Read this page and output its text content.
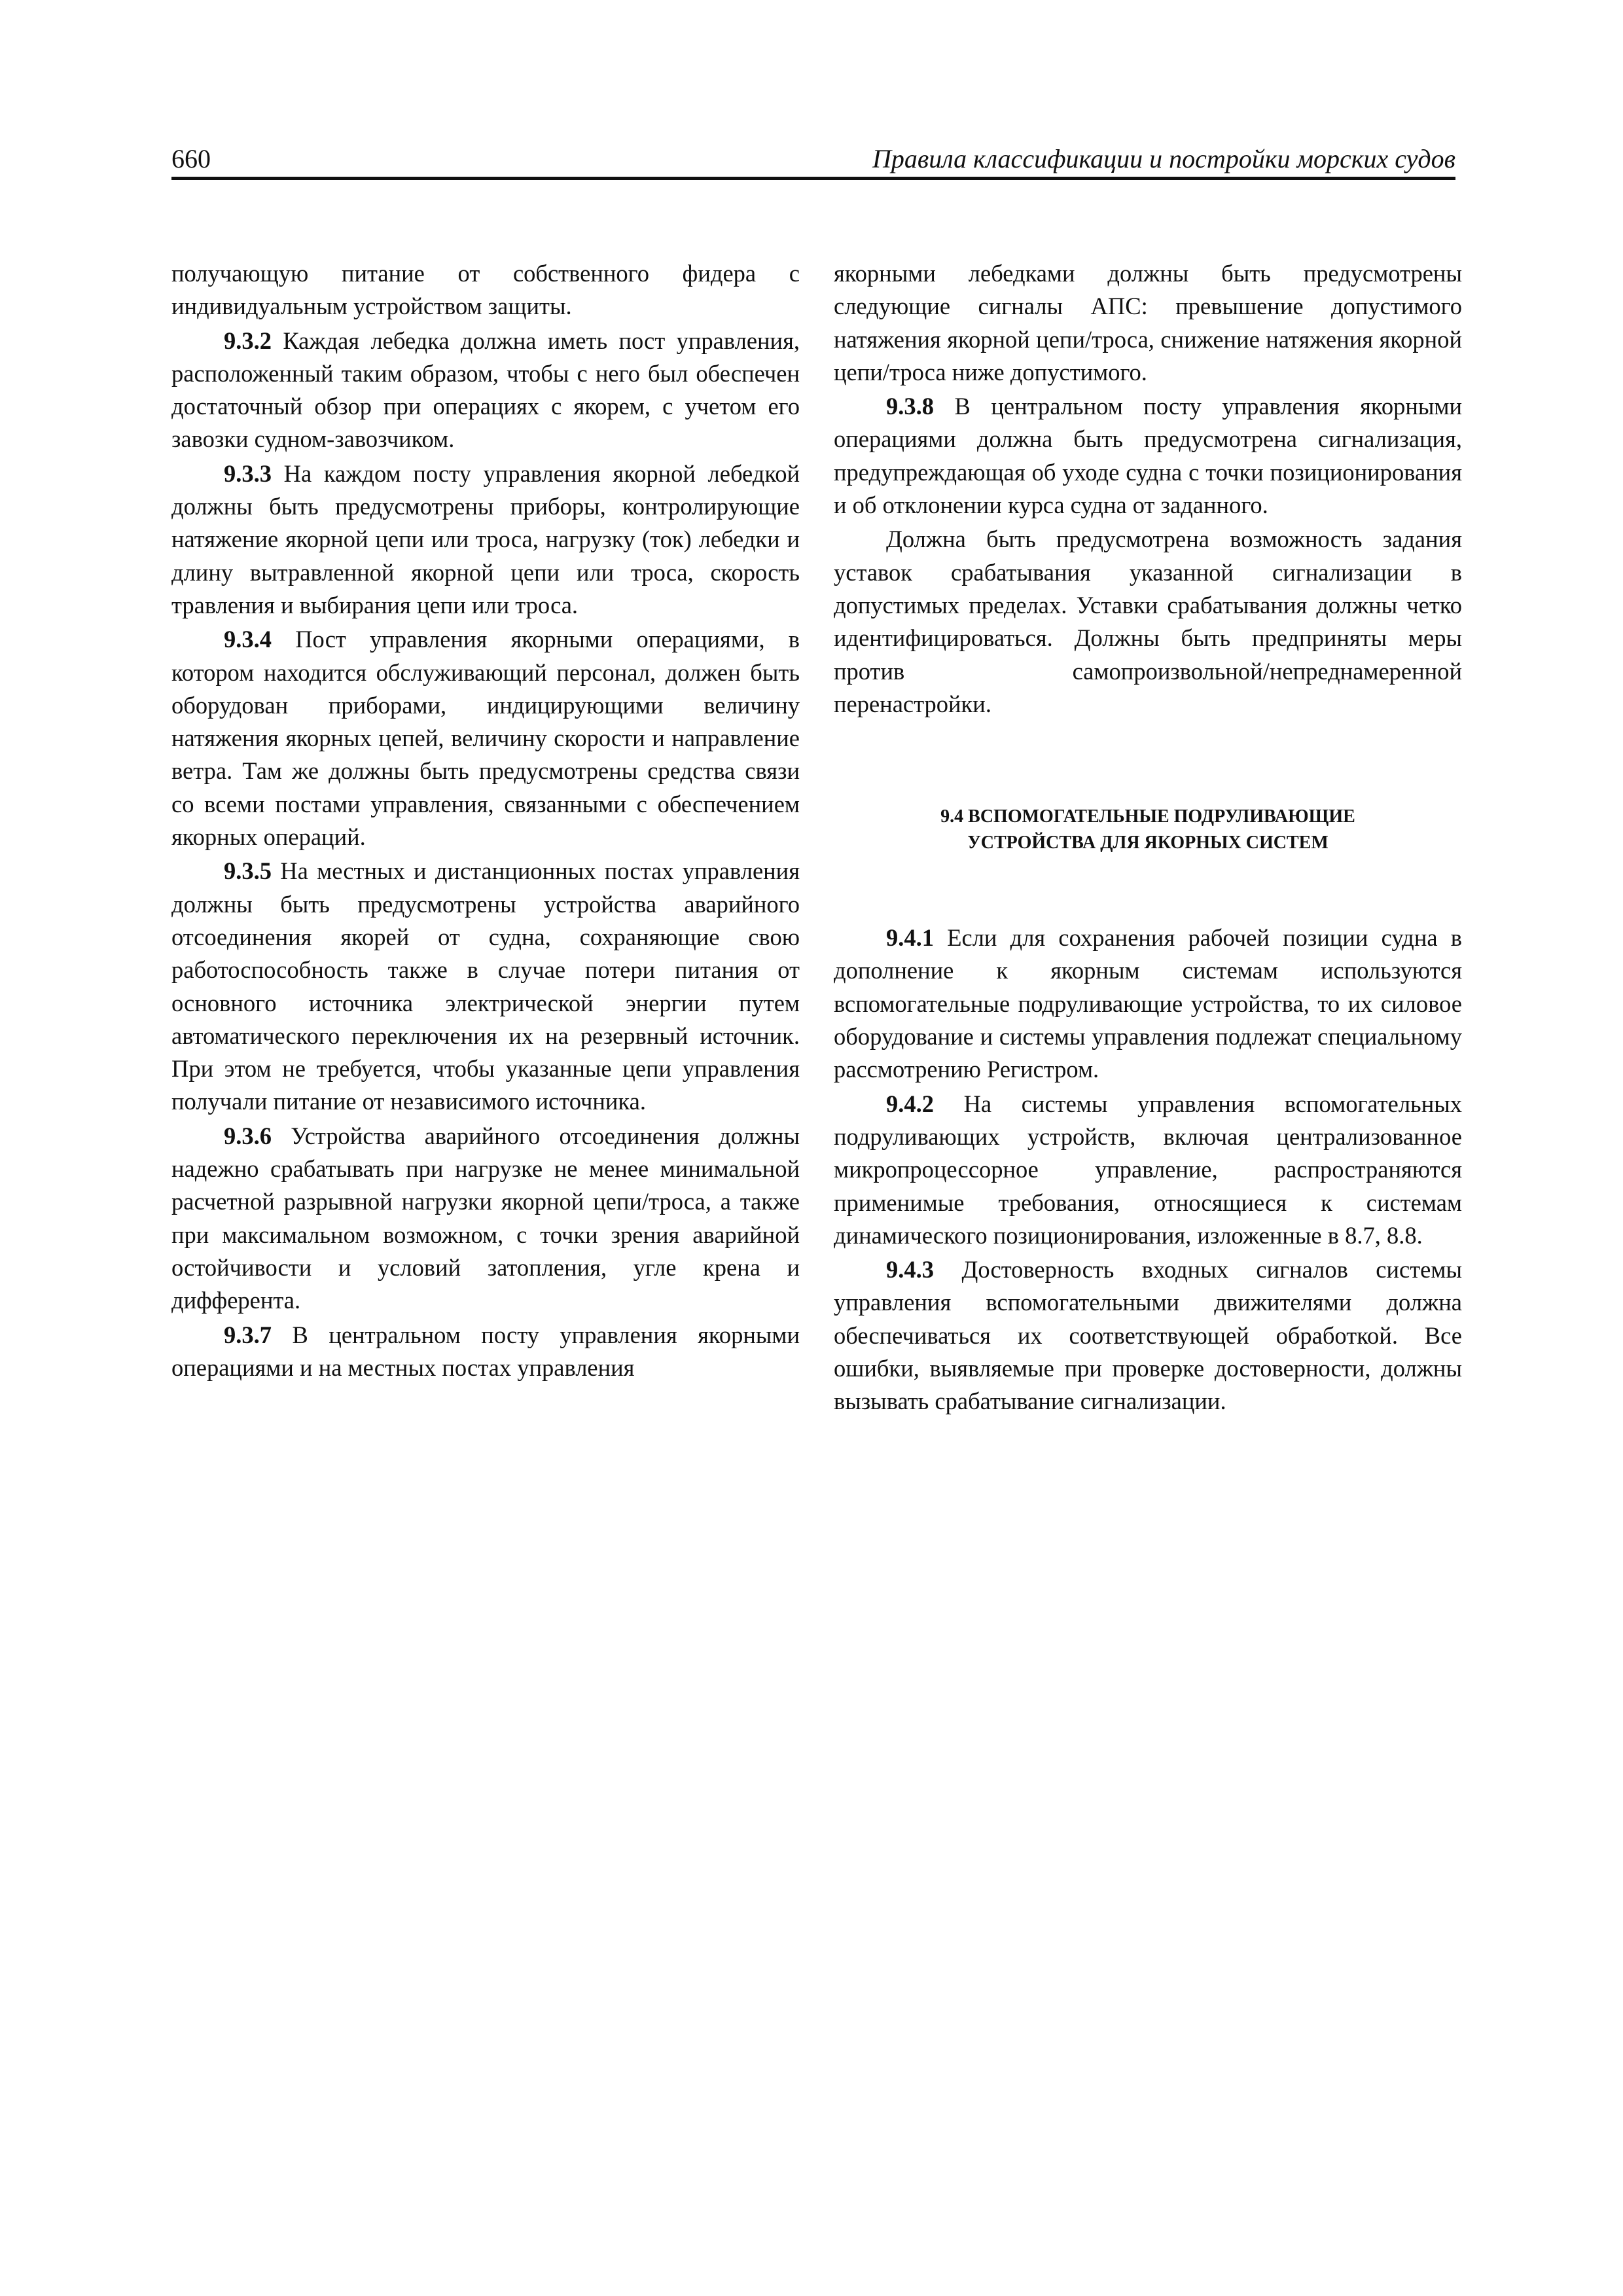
660	Правила классификации и постройки морских судов

получающую питание от собственного фидера с индивидуальным устройством защиты.

9.3.2 Каждая лебедка должна иметь пост управления, расположенный таким образом, чтобы с него был обеспечен достаточный обзор при операциях с якорем, с учетом его завозки судном-завозчиком.

9.3.3 На каждом посту управления якорной лебедкой должны быть предусмотрены приборы, контролирующие натяжение якорной цепи или троса, нагрузку (ток) лебедки и длину вытравленной якорной цепи или троса, скорость травления и выбирания цепи или троса.

9.3.4 Пост управления якорными операциями, в котором находится обслуживающий персонал, должен быть оборудован приборами, индицирующими величину натяжения якорных цепей, величину скорости и направление ветра. Там же должны быть предусмотрены средства связи со всеми постами управления, связанными с обеспечением якорных операций.

9.3.5 На местных и дистанционных постах управления должны быть предусмотрены устройства аварийного отсоединения якорей от судна, сохраняющие свою работоспособность также в случае потери питания от основного источника электрической энергии путем автоматического переключения их на резервный источник. При этом не требуется, чтобы указанные цепи управления получали питание от независимого источника.

9.3.6 Устройства аварийного отсоединения должны надежно срабатывать при нагрузке не менее минимальной расчетной разрывной нагрузки якорной цепи/троса, а также при максимальном возможном, с точки зрения аварийной остойчивости и условий затопления, угле крена и дифферента.

9.3.7 В центральном посту управления якорными операциями и на местных постах управления

якорными лебедками должны быть предусмотрены следующие сигналы АПС: превышение допустимого натяжения якорной цепи/троса, снижение натяжения якорной цепи/троса ниже допустимого.

9.3.8 В центральном посту управления якорными операциями должна быть предусмотрена сигнализация, предупреждающая об уходе судна с точки позиционирования и об отклонении курса судна от заданного.

Должна быть предусмотрена возможность задания уставок срабатывания указанной сигнализации в допустимых пределах. Уставки срабатывания должны четко идентифицироваться. Должны быть предприняты меры против самопроизвольной/непреднамеренной перенастройки.

9.4 ВСПОМОГАТЕЛЬНЫЕ ПОДРУЛИВАЮЩИЕ
УСТРОЙСТВА ДЛЯ ЯКОРНЫХ СИСТЕМ

9.4.1 Если для сохранения рабочей позиции судна в дополнение к якорным системам используются вспомогательные подруливающие устройства, то их силовое оборудование и системы управления подлежат специальному рассмотрению Регистром.

9.4.2 На системы управления вспомогательных подруливающих устройств, включая централизованное микропроцессорное управление, распространяются применимые требования, относящиеся к системам динамического позиционирования, изложенные в 8.7, 8.8.

9.4.3 Достоверность входных сигналов системы управления вспомогательными движителями должна обеспечиваться их соответствующей обработкой. Все ошибки, выявляемые при проверке достоверности, должны вызывать срабатывание сигнализации.
